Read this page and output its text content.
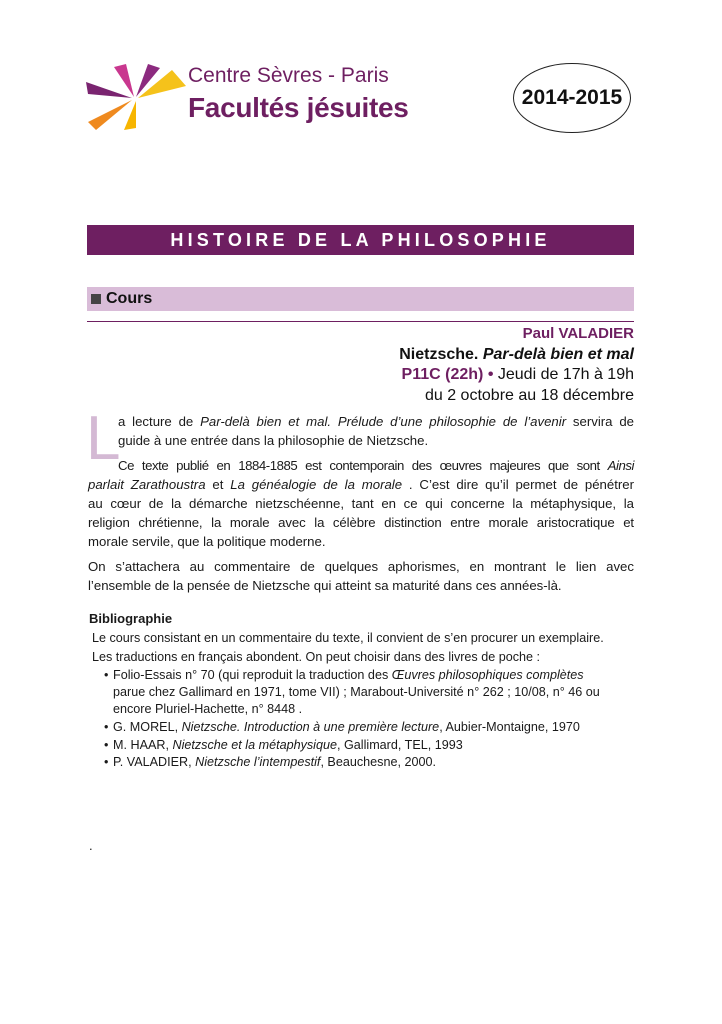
Centre Sèvres - Paris
Facultés jésuites	2014-2015
HISTOIRE DE LA PHILOSOPHIE
Cours
Paul VALADIER
Nietzsche. Par-delà bien et mal
P11C (22h) • Jeudi de 17h à 19h
du 2 octobre au 18 décembre
L
a lecture de Par-delà bien et mal. Prélude d’une philosophie de l’avenir servira de
guide à une entrée dans la philosophie de Nietzsche.
Ce texte publié en 1884-1885 est contemporain des œuvres majeures que sont Ainsi
parlait Zarathoustra et La généalogie de la morale . C’est dire qu’il permet de pénétrer
au cœur de la démarche nietzschéenne, tant en ce qui concerne la métaphysique, la
religion chrétienne, la morale avec la célèbre distinction entre morale aristocratique et
morale servile, que la politique moderne.
On s’attachera au commentaire de quelques aphorismes, en montrant le lien avec
l’ensemble de la pensée de Nietzsche qui atteint sa maturité dans ces années-là.
Bibliographie
Le cours consistant en un commentaire du texte, il convient de s’en procurer un exemplaire.
Les traductions en français abondent. On peut choisir dans des livres de poche :
• Folio-Essais n° 70 (qui reproduit la traduction des Œuvres philosophiques complètes
parue chez Gallimard en 1971, tome VII) ; Marabout-Université n° 262 ; 10/08, n° 46 ou
encore Pluriel-Hachette, n° 8448 .
• G. MOREL, Nietzsche. Introduction à une première lecture, Aubier-Montaigne, 1970
• M. HAAR, Nietzsche et la métaphysique, Gallimard, TEL, 1993
• P. VALADIER, Nietzsche l’intempestif, Beauchesne, 2000.
.
